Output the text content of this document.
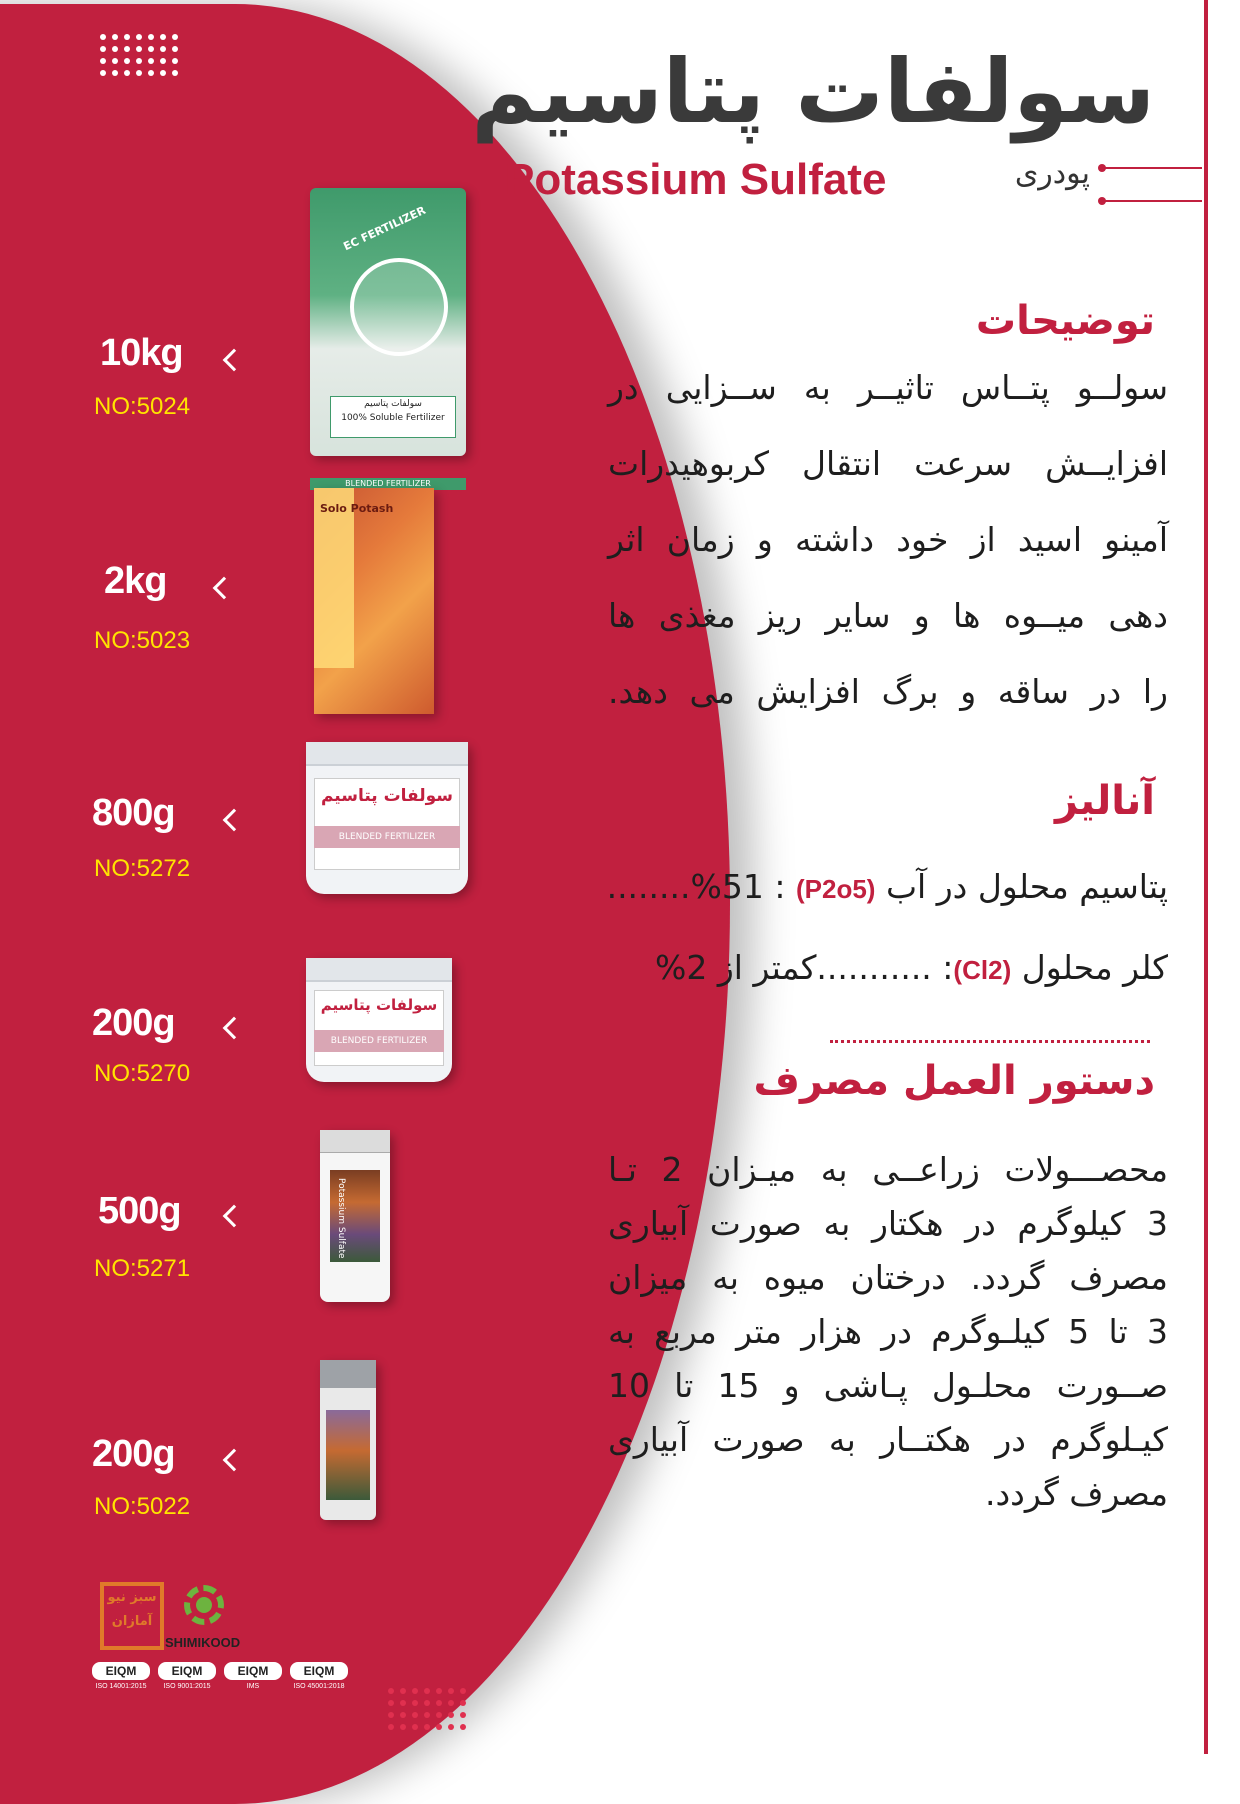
سولفات پتاسیم
Potassium Sulfate	پودری
توضیحات

سولــو پتــاس تاثیــر به ســزایی در

افزایــش سرعت انتقال کربوهیدرات

آمینو اسید از خود داشته و زمان اثر

دهی میــوه ها و سایر ریز مغذی ها

را در ساقه و برگ افزایش می دهد.

آنالیز
پتاسیم محلول در آب (P2o5) : %51........
کلر محلول (Cl2): ...........کمتر از 2%
دستور العمل مصرف

محصـــولات زراعــی به میـزان 2 تـا

3 کیلوگرم در هکتار به صورت آبیاری

مصرف گردد. درختان میوه به میزان

3 تا 5 کیلـوگرم در هزار متر مربع به

صــورت محلـول پـاشی و 15 تا 10

کیـلوگرم در هکتــار به صورت آبیاری

مصرف گردد.

10kg
NO:5024
EC FERTILIZER
سولفات پتاسیم
100% Soluble Fertilizer
BLENDED FERTILIZER
2kg
NO:5023
Solo Potash
800g
NO:5272
سولفات پتاسیم
BLENDED FERTILIZER
200g
NO:5270
سولفات پتاسیم
BLENDED FERTILIZER
500g
NO:5271
Potassium Sulfate
200g
NO:5022
سبز نیو آمازان
SHIMIKOOD
EIQM
ISO 14001:2015
EIQM
ISO 9001:2015
EIQM
IMS
EIQM
ISO 45001:2018
